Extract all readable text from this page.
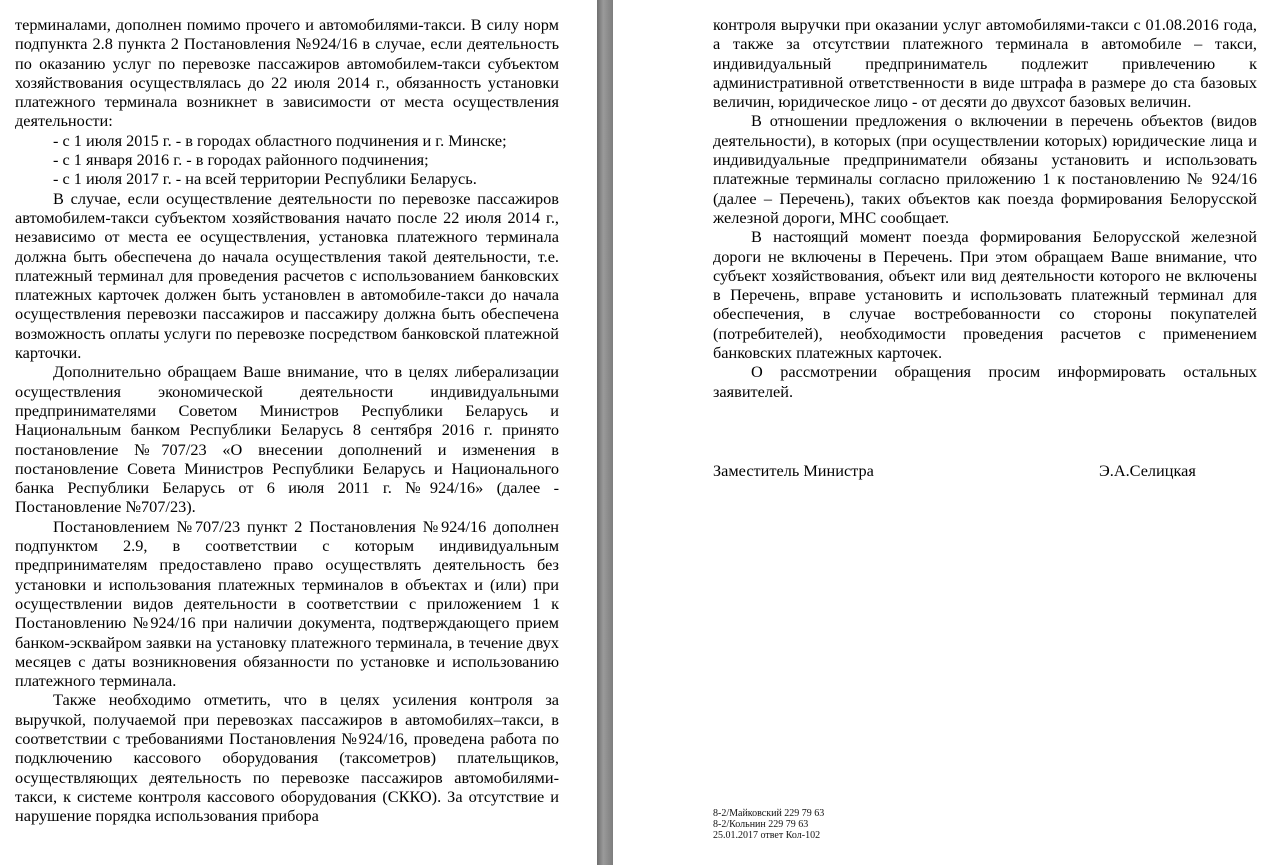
терминалами, дополнен помимо прочего и автомобилями-такси. В силу норм подпункта 2.8 пункта 2 Постановления №924/16 в случае, если деятельность по оказанию услуг по перевозке пассажиров автомобилем-такси субъектом хозяйствования осуществлялась до 22 июля 2014 г., обязанность установки платежного терминала возникнет в зависимости от места осуществления деятельности:

- с 1 июля 2015 г. - в городах областного подчинения и г. Минске;

- с 1 января 2016 г. - в городах районного подчинения;

- с 1 июля 2017 г. - на всей территории Республики Беларусь.

В случае, если осуществление деятельности по перевозке пассажиров автомобилем-такси субъектом хозяйствования начато после 22 июля 2014 г., независимо от места ее осуществления, установка платежного терминала должна быть обеспечена до начала осуществления такой деятельности, т.е. платежный терминал для проведения расчетов с использованием банковских платежных карточек должен быть установлен в автомобиле-такси до начала осуществления перевозки пассажиров и пассажиру должна быть обеспечена возможность оплаты услуги по перевозке посредством банковской платежной карточки.

Дополнительно обращаем Ваше внимание, что в целях либерализации осуществления экономической деятельности индивидуальными предпринимателями Советом Министров Республики Беларусь и Национальным банком Республики Беларусь 8 сентября 2016 г. принято постановление №707/23 «О внесении дополнений и изменения в постановление Совета Министров Республики Беларусь и Национального банка Республики Беларусь от 6 июля 2011 г. №924/16» (далее - Постановление №707/23).

Постановлением №707/23 пункт 2 Постановления №924/16 дополнен подпунктом 2.9, в соответствии с которым индивидуальным предпринимателям предоставлено право осуществлять деятельность без установки и использования платежных терминалов в объектах и (или) при осуществлении видов деятельности в соответствии с приложением 1 к Постановлению №924/16 при наличии документа, подтверждающего прием банком-эсквайром заявки на установку платежного терминала, в течение двух месяцев с даты возникновения обязанности по установке и использованию платежного терминала.

Также необходимо отметить, что в целях усиления контроля за выручкой, получаемой при перевозках пассажиров в автомобилях–такси, в соответствии с требованиями Постановления №924/16, проведена работа по подключению кассового оборудования (таксометров) плательщиков, осуществляющих деятельность по перевозке пассажиров автомобилями-такси, к системе контроля кассового оборудования (СККО). За отсутствие и нарушение порядка использования прибора

контроля выручки при оказании услуг автомобилями-такси с 01.08.2016 года, а также за отсутствии платежного терминала в автомобиле – такси, индивидуальный предприниматель подлежит привлечению к административной ответственности в виде штрафа в размере до ста базовых величин, юридическое лицо - от десяти до двухсот базовых величин.

В отношении предложения о включении в перечень объектов (видов деятельности), в которых (при осуществлении которых) юридические лица и индивидуальные предприниматели обязаны установить и использовать платежные терминалы согласно приложению 1 к постановлению № 924/16 (далее – Перечень), таких объектов как поезда формирования Белорусской железной дороги, МНС сообщает.

В настоящий момент поезда формирования Белорусской железной дороги не включены в Перечень. При этом обращаем Ваше внимание, что субъект хозяйствования, объект или вид деятельности которого не включены в Перечень, вправе установить и использовать платежный терминал для обеспечения, в случае востребованности со стороны покупателей (потребителей), необходимости проведения расчетов с применением банковских платежных карточек.

О рассмотрении обращения просим информировать остальных заявителей.

Заместитель Министра	Э.А.Селицкая
8-2/Майковский 229 79 63
8-2/Кольнин 229 79 63
25.01.2017 ответ Кол-102
